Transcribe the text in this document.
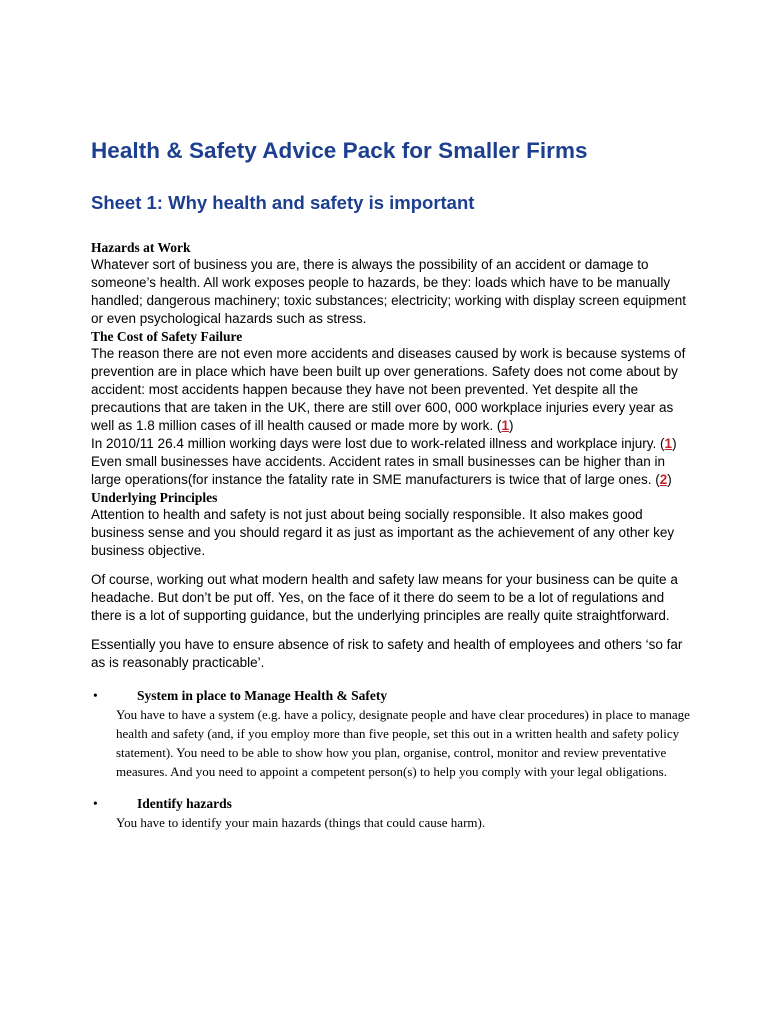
Health & Safety Advice Pack for Smaller Firms
Sheet 1: Why health and safety is important
Hazards at Work

Whatever sort of business you are, there is always the possibility of an accident or damage to someone’s health. All work exposes people to hazards, be they: loads which have to be manually handled; dangerous machinery; toxic substances; electricity; working with display screen equipment or even psychological hazards such as stress.

The Cost of Safety Failure

The reason there are not even more accidents and diseases caused by work is because systems of prevention are in place which have been built up over generations. Safety does not come about by accident: most accidents happen because they have not been prevented. Yet despite all the precautions that are taken in the UK, there are still over 600, 000 workplace injuries every year as well as 1.8 million cases of ill health caused or made more by work. (1)

In 2010/11 26.4 million working days were lost due to work-related illness and workplace injury. (1)

Even small businesses have accidents. Accident rates in small businesses can be higher than in large operations(for instance the fatality rate in SME manufacturers is twice that of large ones. (2)

Underlying Principles

Attention to health and safety is not just about being socially responsible. It also makes good business sense and you should regard it as just as important as the achievement of any other key business objective.

Of course, working out what modern health and safety law means for your business can be quite a headache. But don’t be put off. Yes, on the face of it there do seem to be a lot of regulations and there is a lot of supporting guidance, but the underlying principles are really quite straightforward.

Essentially you have to ensure absence of risk to safety and health of employees and others ‘so far as is reasonably practicable’.

•	System in place to Manage Health & Safety
You have to have a system (e.g. have a policy, designate people and have clear procedures) in place to manage health and safety (and, if you employ more than five people, set this out in a written health and safety policy statement). You need to be able to show how you plan, organise, control, monitor and review preventative measures. And you need to appoint a competent person(s) to help you comply with your legal obligations.
•	Identify hazards
You have to identify your main hazards (things that could cause harm).
